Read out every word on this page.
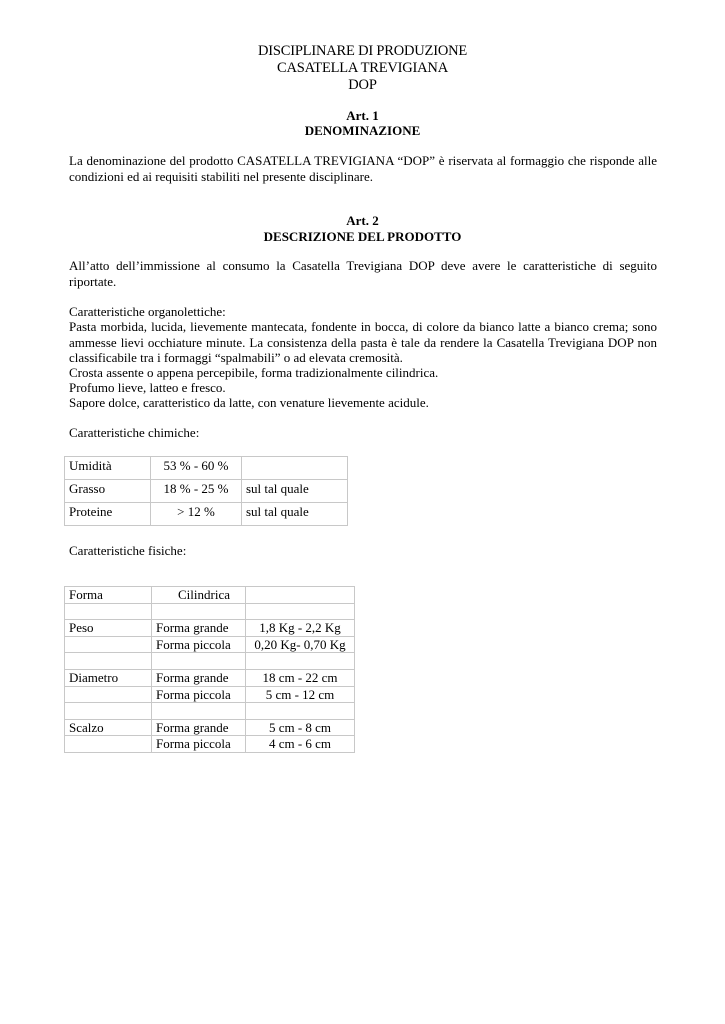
DISCIPLINARE DI PRODUZIONE
CASATELLA TREVIGIANA
DOP
Art. 1
DENOMINAZIONE
La denominazione del prodotto CASATELLA TREVIGIANA “DOP” è riservata al formaggio che risponde alle condizioni ed ai requisiti stabiliti nel presente disciplinare.
Art. 2
DESCRIZIONE DEL PRODOTTO
All’atto dell’immissione al consumo la Casatella Trevigiana DOP deve avere le caratteristiche di seguito riportate.
Caratteristiche organolettiche:
Pasta morbida, lucida, lievemente mantecata, fondente in bocca, di colore da bianco latte a bianco crema; sono ammesse lievi occhiature minute. La consistenza della pasta è tale da rendere la Casatella Trevigiana DOP non classificabile tra i formaggi “spalmabili” o ad elevata cremosità.
Crosta assente o appena percepibile, forma tradizionalmente cilindrica.
Profumo lieve, latteo e fresco.
Sapore dolce, caratteristico da latte, con venature lievemente acidule.
Caratteristiche chimiche:
Umidità	53 % - 60 %	
Grasso	18 % - 25 %	sul tal quale
Proteine	> 12 %	sul tal quale
Caratteristiche fisiche:
Forma	Cilindrica	

Peso	Forma grande	1,8 Kg - 2,2 Kg
	Forma piccola	0,20 Kg- 0,70 Kg

Diametro	Forma grande	18 cm - 22 cm
	Forma piccola	5 cm - 12 cm

Scalzo	Forma grande	5 cm - 8 cm
	Forma piccola	4 cm - 6 cm
